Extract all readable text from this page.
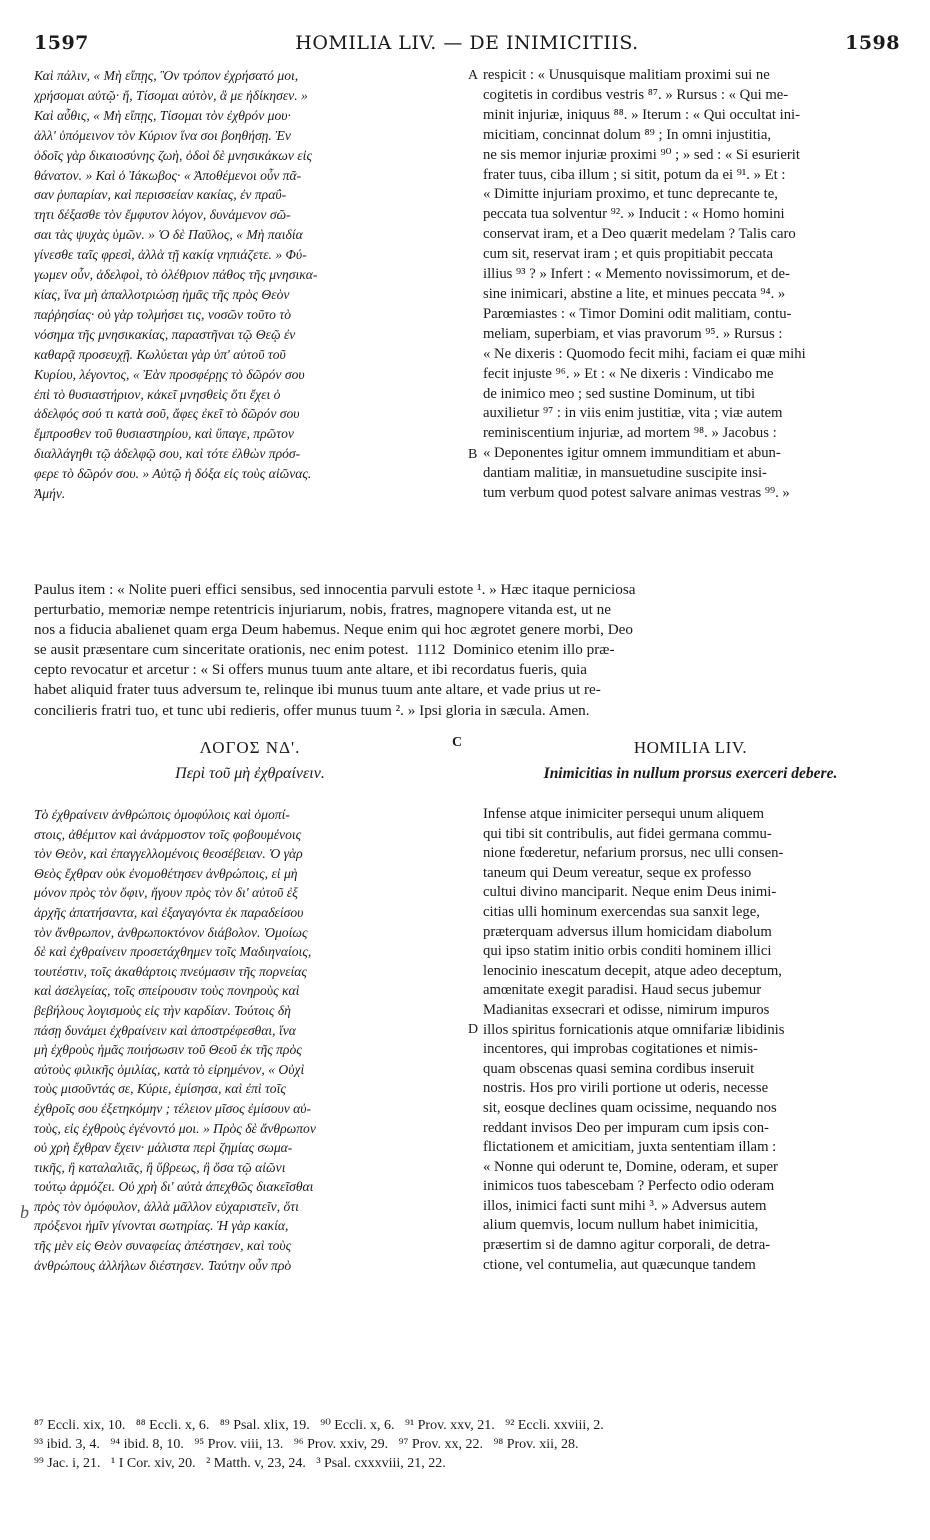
1597	HOMILIA LIV. — DE INIMICITIIS.	1598
Καὶ πάλιν, « Μὴ εἴπῃς, Ὃν τρόπον ἐχρήσατό μοι,
χρήσομαι αὐτῷ· ἤ, Τίσομαι αὐτὸν, ἃ με ἠδίκησεν. »
Καὶ αὖθις, « Μὴ εἴπῃς, Τίσομαι τὸν ἐχθρόν μου·
ἀλλ' ὑπόμεινον τὸν Κύριον ἵνα σοι βοηθήσῃ. Ἐν
ὁδοῖς γὰρ δικαιοσύνης ζωὴ, ὁδοὶ δὲ μνησικάκων εἰς
θάνατον. » Καὶ ὁ Ἰάκωβος· « Ἀποθέμενοι οὖν πᾶ-
σαν ῥυπαρίαν, καὶ περισσείαν κακίας, ἐν πραΰ-
τητι δέξασθε τὸν ἔμφυτον λόγον, δυνάμενον σῶ-
σαι τὰς ψυχὰς ὑμῶν. » Ὁ δὲ Παῦλος, « Μὴ παιδία
γίνεσθε ταῖς φρεσὶ, ἀλλὰ τῇ κακίᾳ νηπιάζετε. » Φύ-
γωμεν οὖν, ἀδελφοὶ, τὸ ὀλέθριον πάθος τῆς μνησικα-
κίας, ἵνα μὴ ἀπαλλοτριώσῃ ἡμᾶς τῆς πρὸς Θεὸν
παῤῥησίας· οὐ γὰρ τολμήσει τις, νοσῶν τοῦτο τὸ
νόσημα τῆς μνησικακίας, παραστῆναι τῷ Θεῷ ἐν
καθαρᾷ προσευχῇ. Κωλύεται γὰρ ὑπ' αὐτοῦ τοῦ
Κυρίου, λέγοντος, « Ἐὰν προσφέρῃς τὸ δῶρόν σου
ἐπὶ τὸ θυσιαστήριον, κἀκεῖ μνησθεὶς ὅτι ἔχει ὁ
ἀδελφός σού τι κατὰ σοῦ, ἄφες ἐκεῖ τὸ δῶρόν σου
ἔμπροσθεν τοῦ θυσιαστηρίου, καὶ ὕπαγε, πρῶτον
διαλλάγηθι τῷ ἀδελφῷ σου, καὶ τότε ἐλθὼν πρόσ-
φερε τὸ δῶρόν σου. » Αὐτῷ ἡ δόξα εἰς τοὺς αἰῶνας.
Ἀμήν.
respicit : « Unusquisque malitiam proximi sui ne
cogitetis in cordibus vestris ⁸⁷. » Rursus : « Qui me-
minit injuriæ, iniquus ⁸⁸. » Iterum : « Qui occultat ini-
micitiam, concinnat dolum ⁸⁹ ; In omni injustitia,
ne sis memor injuriæ proximi ⁹⁰ ; » sed : « Si esurierit
frater tuus, ciba illum ; si sitit, potum da ei ⁹¹. » Et :
« Dimitte injuriam proximo, et tunc deprecante te,
peccata tua solventur ⁹². » Inducit : « Homo homini
conservat iram, et a Deo quærit medelam ? Talis caro
cum sit, reservat iram ; et quis propitiabit peccata
illius ⁹³ ? » Infert : « Memento novissimorum, et de-
sine inimicari, abstine a lite, et minues peccata ⁹⁴. »
Parœmiastes : « Timor Domini odit malitiam, contu-
meliam, superbiam, et vias pravorum ⁹⁵. » Rursus :
« Ne dixeris : Quomodo fecit mihi, faciam ei quæ mihi
fecit injuste ⁹⁶. » Et : « Ne dixeris : Vindicabo me
de inimico meo ; sed sustine Dominum, ut tibi
auxilietur ⁹⁷ : in viis enim justitiæ, vita ; viæ autem
reminiscentium injuriæ, ad mortem ⁹⁸. » Jacobus :
« Deponentes igitur omnem immunditiam et abun-
dantiam malitiæ, in mansuetudine suscipite insi-
tum verbum quod potest salvare animas vestras ⁹⁹. »
A
B
Paulus item : « Nolite pueri effici sensibus, sed innocentia parvuli estote ¹. » Hæc itaque perniciosa
perturbatio, memoriæ nempe retentricis injuriarum, nobis, fratres, magnopere vitanda est, ut ne
nos a fiducia abalienet quam erga Deum habemus. Neque enim qui hoc ægrotet genere morbi, Deo
se ausit præsentare cum sinceritate orationis, nec enim potest.  1112  Dominico etenim illo præ-
cepto revocatur et arcetur : « Si offers munus tuum ante altare, et ibi recordatus fueris, quia
habet aliquid frater tuus adversum te, relinque ibi munus tuum ante altare, et vade prius ut re-
concilieris fratri tuo, et tunc ubi redieris, offer munus tuum ². » Ipsi gloria in sæcula. Amen.
ΛΟΓΟΣ ΝΔ'.
Περὶ τοῦ μὴ ἐχθραίνειν.
C	HOMILIA LIV.
Inimicitias in nullum prorsus exerceri debere.
Τὸ ἐχθραίνειν ἀνθρώποις ὁμοφύλοις καὶ ὁμοπί-
στοις, ἀθέμιτον καὶ ἀνάρμοστον τοῖς φοβουμένοις
τὸν Θεὸν, καὶ ἐπαγγελλομένοις θεοσέβειαν. Ὁ γὰρ
Θεὸς ἔχθραν οὐκ ἐνομοθέτησεν ἀνθρώποις, εἰ μὴ
μόνον πρὸς τὸν ὄφιν, ἤγουν πρὸς τὸν δι' αὐτοῦ ἐξ
ἀρχῆς ἀπατήσαντα, καὶ ἐξαγαγόντα ἐκ παραδείσου
τὸν ἄνθρωπον, ἀνθρωποκτόνον διάβολον. Ὁμοίως
δὲ καὶ ἐχθραίνειν προσετάχθημεν τοῖς Μαδιηναίοις,
τουτέστιν, τοῖς ἀκαθάρτοις πνεύμασιν τῆς πορνείας
καὶ ἀσελγείας, τοῖς σπείρουσιν τοὺς πονηροὺς καὶ
βεβήλους λογισμοὺς εἰς τὴν καρδίαν. Τούτοις δὴ
πάσῃ δυνάμει ἐχθραίνειν καὶ ἀποστρέφεσθαι, ἵνα
μὴ ἐχθροὺς ἡμᾶς ποιήσωσιν τοῦ Θεοῦ ἐκ τῆς πρὸς
αὐτοὺς φιλικῆς ὁμιλίας, κατὰ τὸ εἰρημένον, « Οὐχὶ
τοὺς μισοῦντάς σε, Κύριε, ἐμίσησα, καὶ ἐπὶ τοῖς
ἐχθροῖς σου ἐξετηκόμην ; τέλειον μῖσος ἐμίσουν αὐ-
τοὺς, εἰς ἐχθροὺς ἐγένοντό μοι. » Πρὸς δὲ ἄνθρωπον
οὐ χρὴ ἔχθραν ἔχειν· μάλιστα περὶ ζημίας σωμα-
τικῆς, ἢ καταλαλιᾶς, ἢ ὕβρεως, ἢ ὅσα τῷ αἰῶνι
τούτῳ ἁρμόζει. Οὐ χρὴ δι' αὐτὰ ἀπεχθῶς διακεῖσθαι
πρὸς τὸν ὁμόφυλον, ἀλλὰ μᾶλλον εὐχαριστεῖν, ὅτι
πρόξενοι ἡμῖν γίνονται σωτηρίας. Ἡ γὰρ κακία,
τῆς μὲν εἰς Θεὸν συναφείας ἀπέστησεν, καὶ τοὺς
ἀνθρώπους ἀλλήλων διέστησεν. Ταύτην οὖν πρὸ
Infense atque inimiciter persequi unum aliquem
qui tibi sit contribulis, aut fidei germana commu-
nione fœderetur, nefarium prorsus, nec ulli consen-
taneum qui Deum vereatur, seque ex professo
cultui divino manciparit. Neque enim Deus inimi-
citias ulli hominum exercendas sua sanxit lege,
præterquam adversus illum homicidam diabolum
qui ipso statim initio orbis conditi hominem illici
lenocinio inescatum decepit, atque adeo deceptum,
amœnitate exegit paradisi. Haud secus jubemur
Madianitas exsecrari et odisse, nimirum impuros
illos spiritus fornicationis atque omnifariæ libidinis
incentores, qui improbas cogitationes et nimis-
quam obscenas quasi semina cordibus inseruit
nostris. Hos pro virili portione ut oderis, necesse
sit, eosque declines quam ocissime, nequando nos
reddant invisos Deo per impuram cum ipsis con-
flictationem et amicitiam, juxta sententiam illam :
« Nonne qui oderunt te, Domine, oderam, et super
inimicos tuos tabescebam ? Perfecto odio oderam
illos, inimici facti sunt mihi ³. » Adversus autem
alium quemvis, locum nullum habet inimicitia,
præsertim si de damno agitur corporali, de detra-
ctione, vel contumelia, aut quæcunque tandem
D
b
⁸⁷ Eccli. xix, 10.   ⁸⁸ Eccli. x, 6.   ⁸⁹ Psal. xlix, 19.   ⁹⁰ Eccli. x, 6.   ⁹¹ Prov. xxv, 21.   ⁹² Eccli. xxviii, 2.
⁹³ ibid. 3, 4.   ⁹⁴ ibid. 8, 10.   ⁹⁵ Prov. viii, 13.   ⁹⁶ Prov. xxiv, 29.   ⁹⁷ Prov. xx, 22.   ⁹⁸ Prov. xii, 28.
⁹⁹ Jac. i, 21.   ¹ I Cor. xiv, 20.   ² Matth. v, 23, 24.   ³ Psal. cxxxviii, 21, 22.
